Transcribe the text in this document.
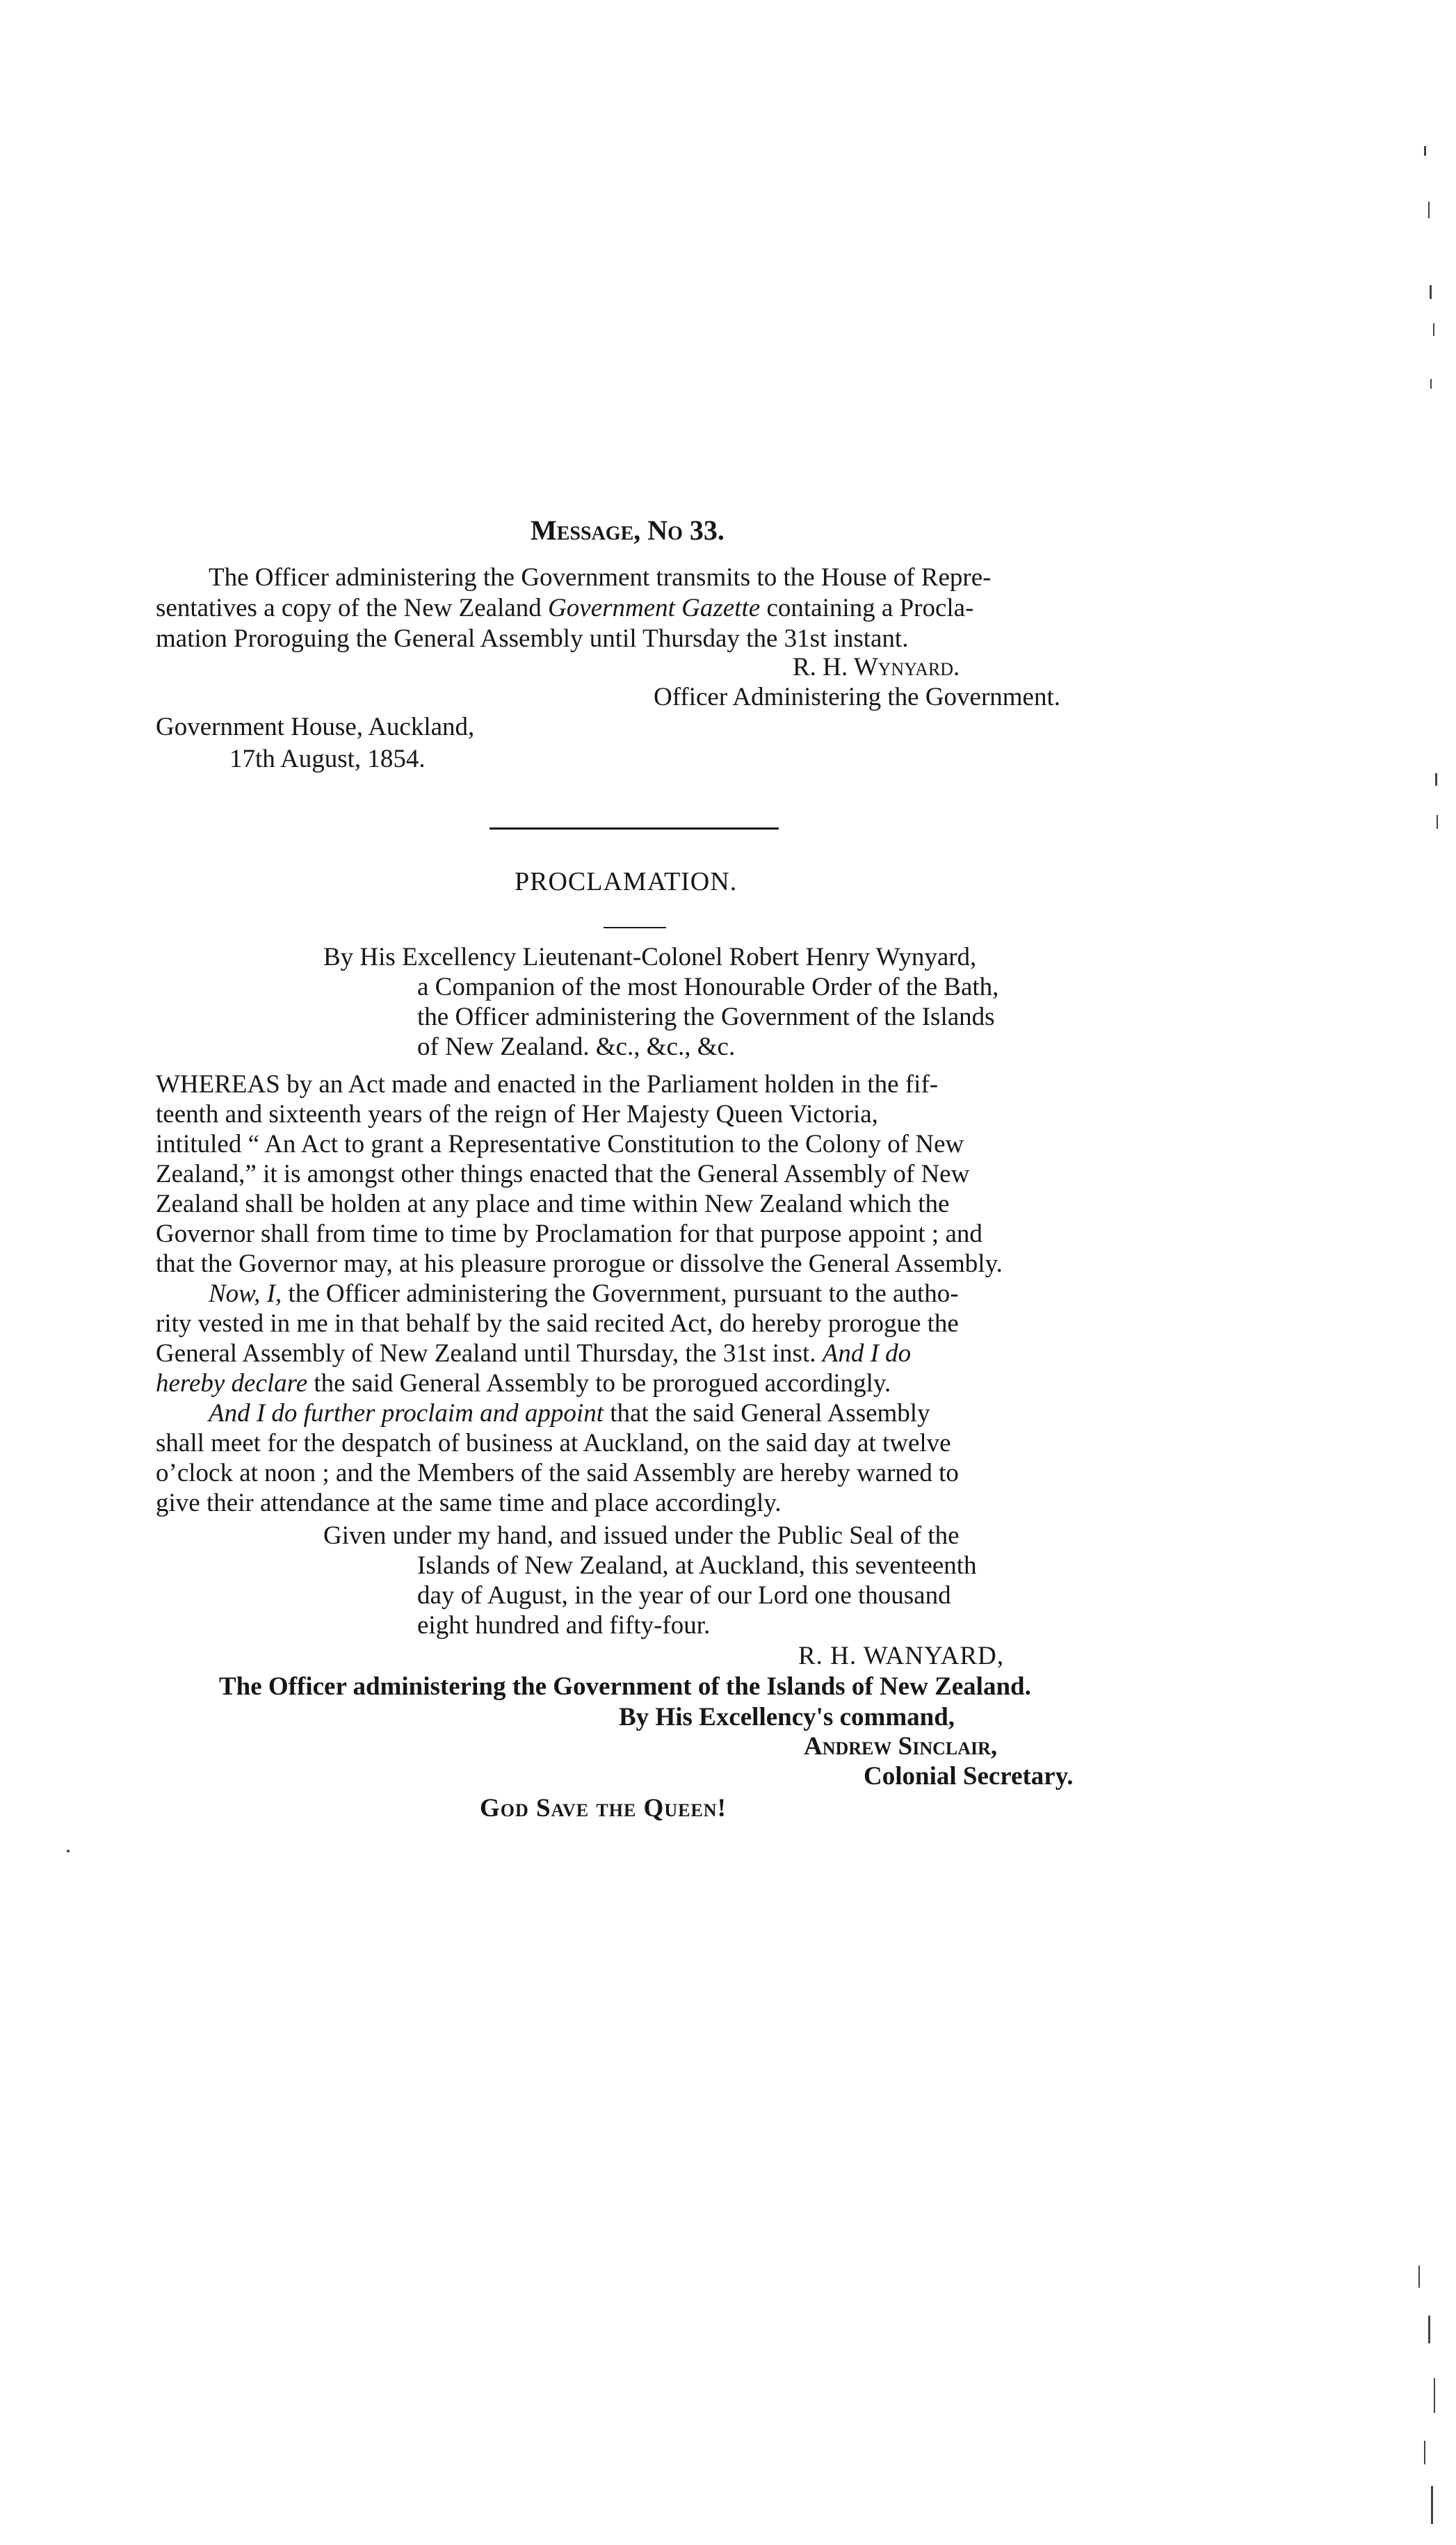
Message, No 33.
The Officer administering the Government transmits to the House of Repre-
sentatives a copy of the New Zealand Government Gazette containing a Procla-
mation Proroguing the General Assembly until Thursday the 31st instant.
R. H. Wynyard.
Officer Administering the Government.
Government House, Auckland,
17th August, 1854.
PROCLAMATION.
By His Excellency Lieutenant-Colonel Robert Henry Wynyard,
a Companion of the most Honourable Order of the Bath,
the Officer administering the Government of the Islands
of New Zealand. &c., &c., &c.
WHEREAS by an Act made and enacted in the Parliament holden in the fif-
teenth and sixteenth years of the reign of Her Majesty Queen Victoria,
intituled “ An Act to grant a Representative Constitution to the Colony of New
Zealand,” it is amongst other things enacted that the General Assembly of New
Zealand shall be holden at any place and time within New Zealand which the
Governor shall from time to time by Proclamation for that purpose appoint ; and
that the Governor may, at his pleasure prorogue or dissolve the General Assembly.
Now, I, the Officer administering the Government, pursuant to the autho-
rity vested in me in that behalf by the said recited Act, do hereby prorogue the
General Assembly of New Zealand until Thursday, the 31st inst. And I do
hereby declare the said General Assembly to be prorogued accordingly.
And I do further proclaim and appoint that the said General Assembly
shall meet for the despatch of business at Auckland, on the said day at twelve
o’clock at noon ; and the Members of the said Assembly are hereby warned to
give their attendance at the same time and place accordingly.
Given under my hand, and issued under the Public Seal of the
Islands of New Zealand, at Auckland, this seventeenth
day of August, in the year of our Lord one thousand
eight hundred and fifty-four.
R. H. WANYARD,
The Officer administering the Government of the Islands of New Zealand.
By His Excellency's command,
Andrew Sinclair,
Colonial Secretary.
God Save the Queen!
